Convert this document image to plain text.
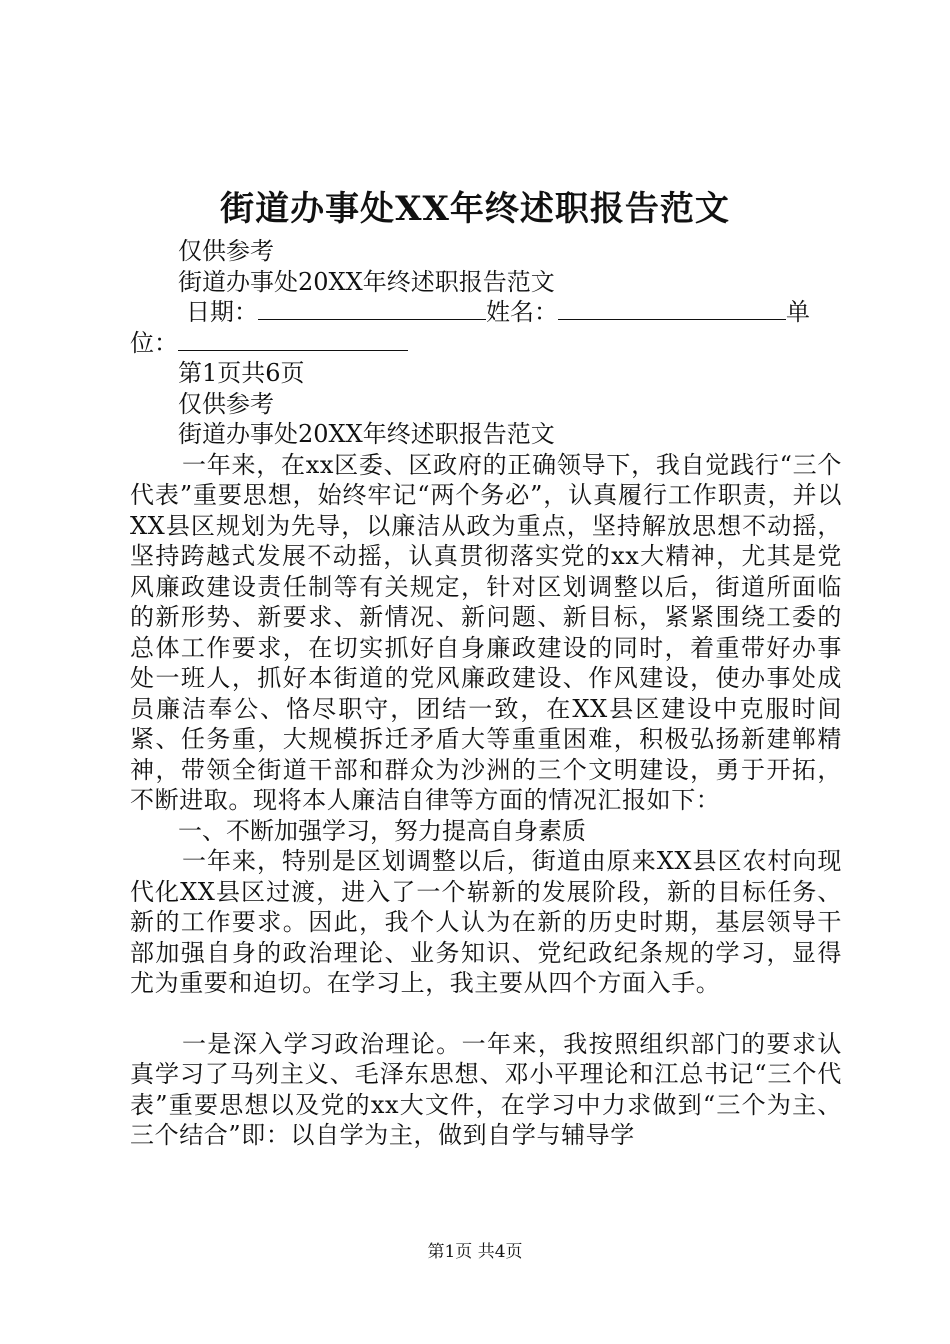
街道办事处XX年终述职报告范文
仅供参考
街道办事处20XX年终述职报告范文
日期：	姓名：	单
位：
第1页共6页
仅供参考
街道办事处20XX年终述职报告范文
一年来，在xx区委、区政府的正确领导下，我自觉践行“三个代表”重要思想，始终牢记“两个务必”，认真履行工作职责，并以XX县区规划为先导，以廉洁从政为重点，坚持解放思想不动摇，坚持跨越式发展不动摇，认真贯彻落实党的xx大精神，尤其是党风廉政建设责任制等有关规定，针对区划调整以后，街道所面临的新形势、新要求、新情况、新问题、新目标，紧紧围绕工委的总体工作要求，在切实抓好自身廉政建设的同时，着重带好办事处一班人，抓好本街道的党风廉政建设、作风建设，使办事处成员廉洁奉公、恪尽职守，团结一致，在XX县区建设中克服时间紧、任务重，大规模拆迁矛盾大等重重困难，积极弘扬新建郸精神，带领全街道干部和群众为沙洲的三个文明建设，勇于开拓，不断进取。现将本人廉洁自律等方面的情况汇报如下：
一、不断加强学习，努力提高自身素质
一年来，特别是区划调整以后，街道由原来XX县区农村向现代化XX县区过渡，进入了一个崭新的发展阶段，新的目标任务、新的工作要求。因此，我个人认为在新的历史时期，基层领导干部加强自身的政治理论、业务知识、党纪政纪条规的学习，显得尤为重要和迫切。在学习上，我主要从四个方面入手。
一是深入学习政治理论。一年来，我按照组织部门的要求认真学习了马列主义、毛泽东思想、邓小平理论和江总书记“三个代表”重要思想以及党的xx大文件，在学习中力求做到“三个为主、三个结合”即：以自学为主，做到自学与辅导学
第1页 共4页
